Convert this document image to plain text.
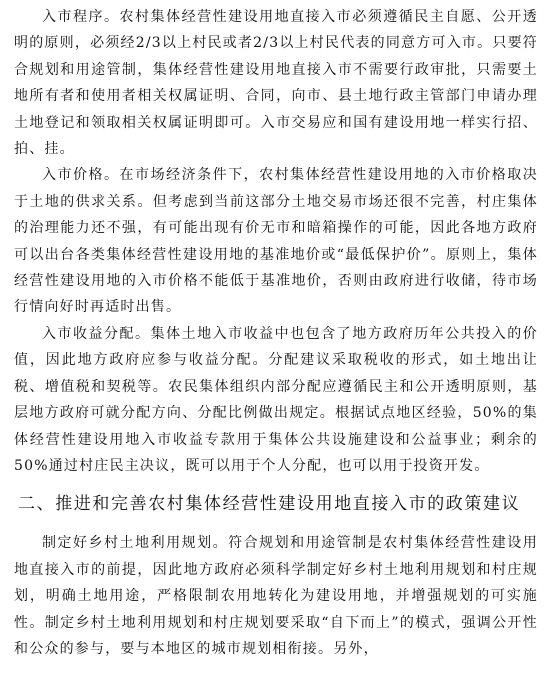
入市程序。农村集体经营性建设用地直接入市必须遵循民主自愿、公开透明的原则，必须经2/3以上村民或者2/3以上村民代表的同意方可入市。只要符合规划和用途管制，集体经营性建设用地直接入市不需要行政审批，只需要土地所有者和使用者相关权属证明、合同，向市、县土地行政主管部门申请办理土地登记和领取相关权属证明即可。入市交易应和国有建设用地一样实行招、拍、挂。

入市价格。在市场经济条件下，农村集体经营性建设用地的入市价格取决于土地的供求关系。但考虑到当前这部分土地交易市场还很不完善，村庄集体的治理能力还不强，有可能出现有价无市和暗箱操作的可能，因此各地方政府可以出台各类集体经营性建设用地的基准地价或“最低保护价”。原则上，集体经营性建设用地的入市价格不能低于基准地价，否则由政府进行收储，待市场行情向好时再适时出售。

入市收益分配。集体土地入市收益中也包含了地方政府历年公共投入的价值，因此地方政府应参与收益分配。分配建议采取税收的形式，如土地出让税、增值税和契税等。农民集体组织内部分配应遵循民主和公开透明原则，基层地方政府可就分配方向、分配比例做出规定。根据试点地区经验，50%的集体经营性建设用地入市收益专款用于集体公共设施建设和公益事业；剩余的50%通过村庄民主决议，既可以用于个人分配，也可以用于投资开发。

二、推进和完善农村集体经营性建设用地直接入市的政策建议

制定好乡村土地利用规划。符合规划和用途管制是农村集体经营性建设用地直接入市的前提，因此地方政府必须科学制定好乡村土地利用规划和村庄规划，明确土地用途，严格限制农用地转化为建设用地，并增强规划的可实施性。制定乡村土地利用规划和村庄规划要采取“自下而上”的模式，强调公开性和公众的参与，要与本地区的城市规划相衔接。另外，
